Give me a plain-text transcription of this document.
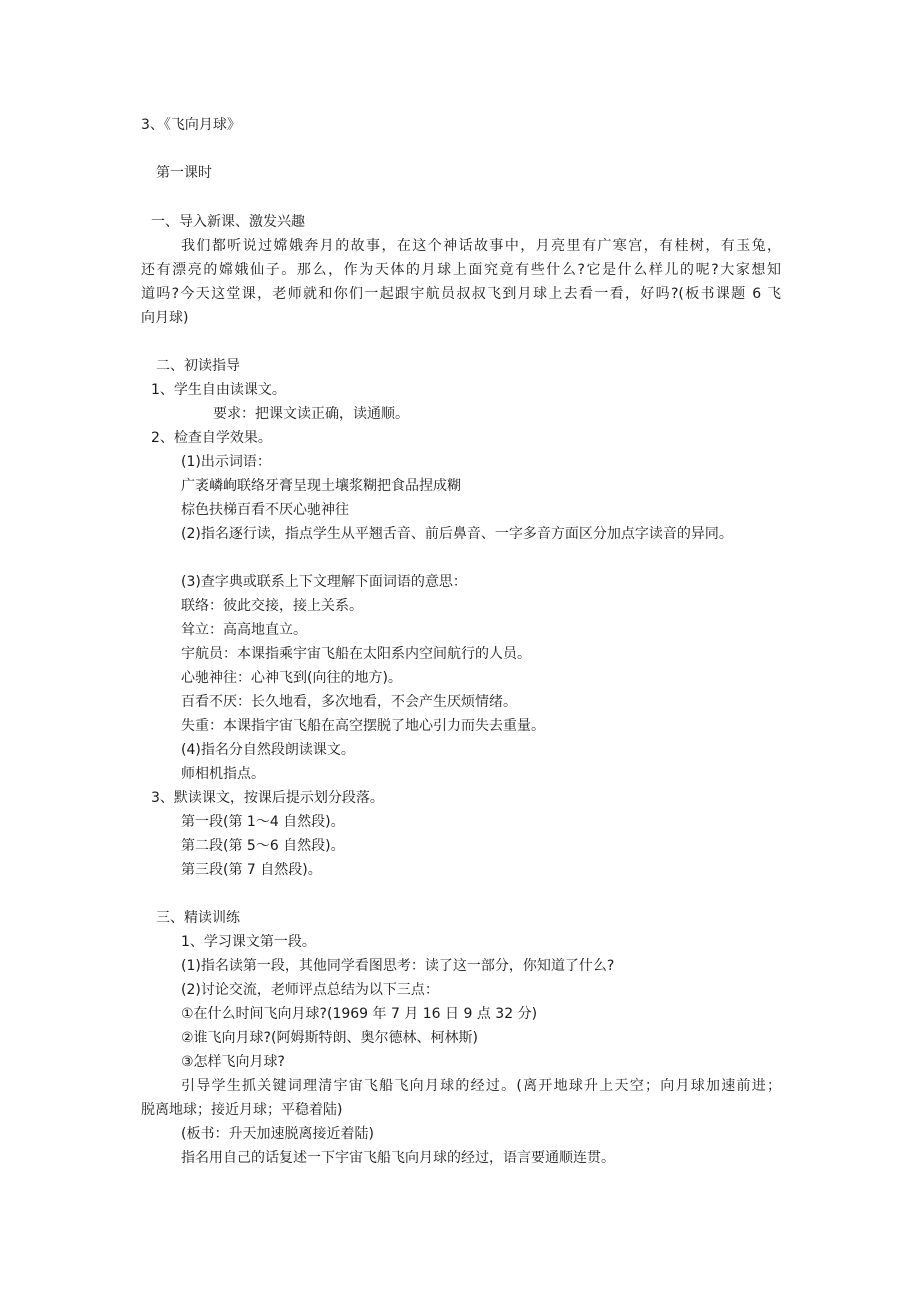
3、《飞向月球》
第一课时
一、导入新课、激发兴趣
我们都听说过嫦娥奔月的故事，在这个神话故事中，月亮里有广寒宫，有桂树，有玉兔，
还有漂亮的嫦娥仙子。那么，作为天体的月球上面究竟有些什么?它是什么样儿的呢?大家想知
道吗?今天这堂课，老师就和你们一起跟宇航员叔叔飞到月球上去看一看，好吗?(板书课题 6 飞
向月球)
二、初读指导
1、学生自由读课文。
要求：把课文读正确，读通顺。
2、检查自学效果。
(1)出示词语：
广袤嶙峋联络牙膏呈现土壤浆糊把食品捏成糊
棕色扶梯百看不厌心驰神往
(2)指名逐行读，指点学生从平翘舌音、前后鼻音、一字多音方面区分加点字读音的异同。
(3)查字典或联系上下文理解下面词语的意思：
联络：彼此交接，接上关系。
耸立：高高地直立。
宇航员：本课指乘宇宙飞船在太阳系内空间航行的人员。
心驰神往：心神飞到(向往的地方)。
百看不厌：长久地看，多次地看，不会产生厌烦情绪。
失重：本课指宇宙飞船在高空摆脱了地心引力而失去重量。
(4)指名分自然段朗读课文。
师相机指点。
3、默读课文，按课后提示划分段落。
第一段(第 1～4 自然段)。
第二段(第 5～6 自然段)。
第三段(第 7 自然段)。
三、精读训练
1、学习课文第一段。
(1)指名读第一段，其他同学看图思考：读了这一部分，你知道了什么?
(2)讨论交流，老师评点总结为以下三点：
①在什么时间飞向月球?(1969 年 7 月 16 日 9 点 32 分)
②谁飞向月球?(阿姆斯特朗、奥尔德林、柯林斯)
③怎样飞向月球?
引导学生抓关键词理清宇宙飞船飞向月球的经过。(离开地球升上天空；向月球加速前进；
脱离地球；接近月球；平稳着陆)
(板书：升天加速脱离接近着陆)
指名用自己的话复述一下宇宙飞船飞向月球的经过，语言要通顺连贯。
